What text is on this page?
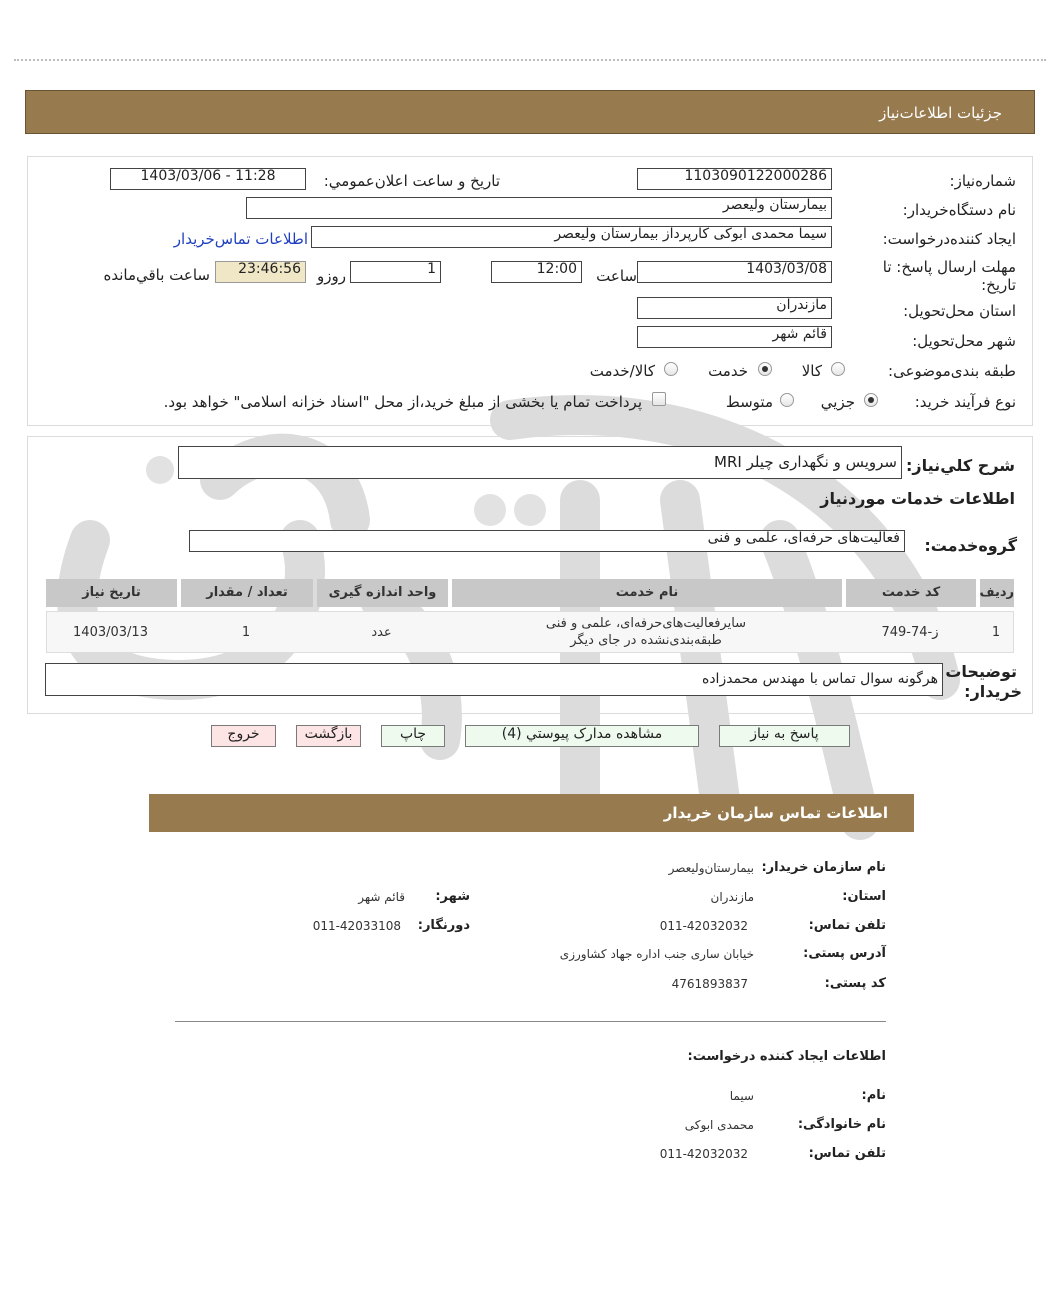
جزئیات اطلاعات‌نیاز
شماره‌نیاز:
1103090122000286
تاريخ و ساعت اعلان‌عمومي:
1403/03/06 - 11:28
نام دستگاه‌خريدار:
بيمارستان وليعصر
ايجاد كننده‌درخواست:
سیما محمدی ابوکی کارپرداز بیمارستان ولیعصر
اطلاعات تماس‌خريدار
مهلت ارسال پاسخ: تا
تاريخ:
1403/03/08
ساعت
12:00
1
روزو
23:46:56
ساعت باقي‌مانده
استان محل‌تحويل:
مازندران
شهر محل‌تحويل:
قائم شهر
طبقه بندی‌موضوعی:
کالا
خدمت
کالا/خدمت
نوع فرآیند خرید:
جزيي
متوسط
پرداخت تمام یا بخشی از مبلغ خرید،از محل "اسناد خزانه اسلامی" خواهد بود.
شرح كلي‌نياز:
سرویس و نگهداری چیلر MRI
اطلاعات خدمات موردنياز
گروه‌خدمت:
فعالیت‌های حرفه‌ای، علمی و فنی
رديف
کد خدمت
نام خدمت
واحد اندازه گیری
تعداد / مقدار
تاريخ نياز
1
ز-74-749
سایرفعالیت‌های‌حرفه‌ای، علمی و فنی
طبقه‌بندی‌نشده در جای دیگر
عدد
1
1403/03/13
توضيحات
خريدار:
هرگونه سوال تماس با مهندس محمدزاده
پاسخ به نياز
مشاهده مدارک پيوستي (4)
چاپ
بازگشت
خروج
اطلاعات تماس سازمان خریدار
نام سازمان خریدار:
بیمارستان‌ولیعصر
استان:
مازندران
شهر:
قائم شهر
تلفن تماس:
011-42032032
دورنگار:
011-42033108
آدرس پستی:
خیابان ساری جنب اداره جهاد کشاورزی
کد پستی:
4761893837
اطلاعات ایجاد کننده درخواست:
نام:
سیما
نام خانوادگی:
محمدی ابوکی
تلفن تماس:
011-42032032
